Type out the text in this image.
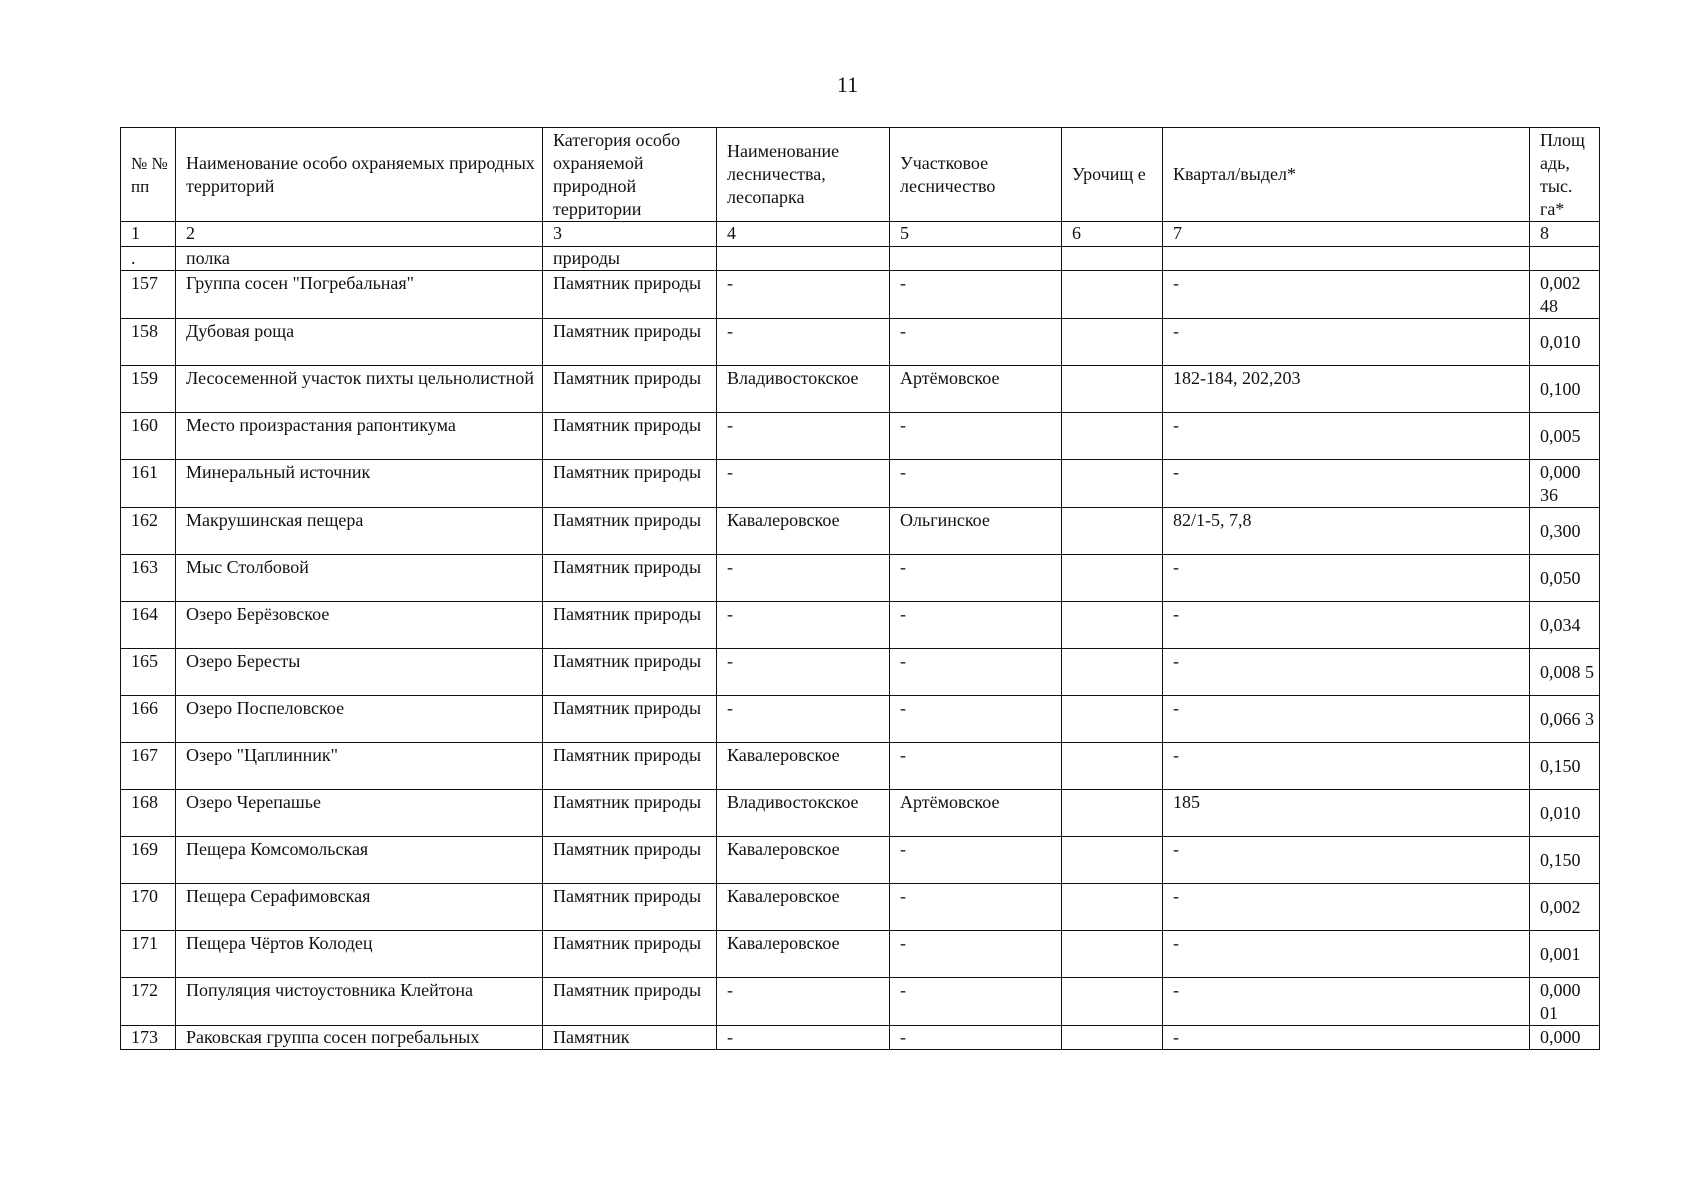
11
№ № пп	Наименование особо охраняемых природных территорий	Категория особо охраняемой природной территории	Наименование лесничества, лесопарка	Участковое лесничество	Урочищ е	Квартал/выдел*	Площ адь, тыс. га*
1	2	3	4	5	6	7	8
.	полка	природы					
157	Группа сосен "Погребальная"	Памятник природы	-	-		-	0,002 48
158	Дубовая роща	Памятник природы	-	-		-	0,010
159	Лесосеменной участок пихты цельнолистной	Памятник природы	Владивостокское	Артёмовское		182-184, 202,203	0,100
160	Место произрастания рапонтикума	Памятник природы	-	-		-	0,005
161	Минеральный источник	Памятник природы	-	-		-	0,000 36
162	Макрушинская пещера	Памятник природы	Кавалеровское	Ольгинское		82/1-5, 7,8	0,300
163	Мыс Столбовой	Памятник природы	-	-		-	0,050
164	Озеро Берёзовское	Памятник природы	-	-		-	0,034
165	Озеро Бересты	Памятник природы	-	-		-	0,008 5
166	Озеро Поспеловское	Памятник природы	-	-		-	0,066 3
167	Озеро "Цаплинник"	Памятник природы	Кавалеровское	-		-	0,150
168	Озеро Черепашье	Памятник природы	Владивостокское	Артёмовское		185	0,010
169	Пещера Комсомольская	Памятник природы	Кавалеровское	-		-	0,150
170	Пещера Серафимовская	Памятник природы	Кавалеровское	-		-	0,002
171	Пещера Чёртов Колодец	Памятник природы	Кавалеровское	-		-	0,001
172	Популяция чистоустовника Клейтона	Памятник природы	-	-		-	0,000 01
173	Раковская группа сосен погребальных	Памятник	-	-		-	0,000
